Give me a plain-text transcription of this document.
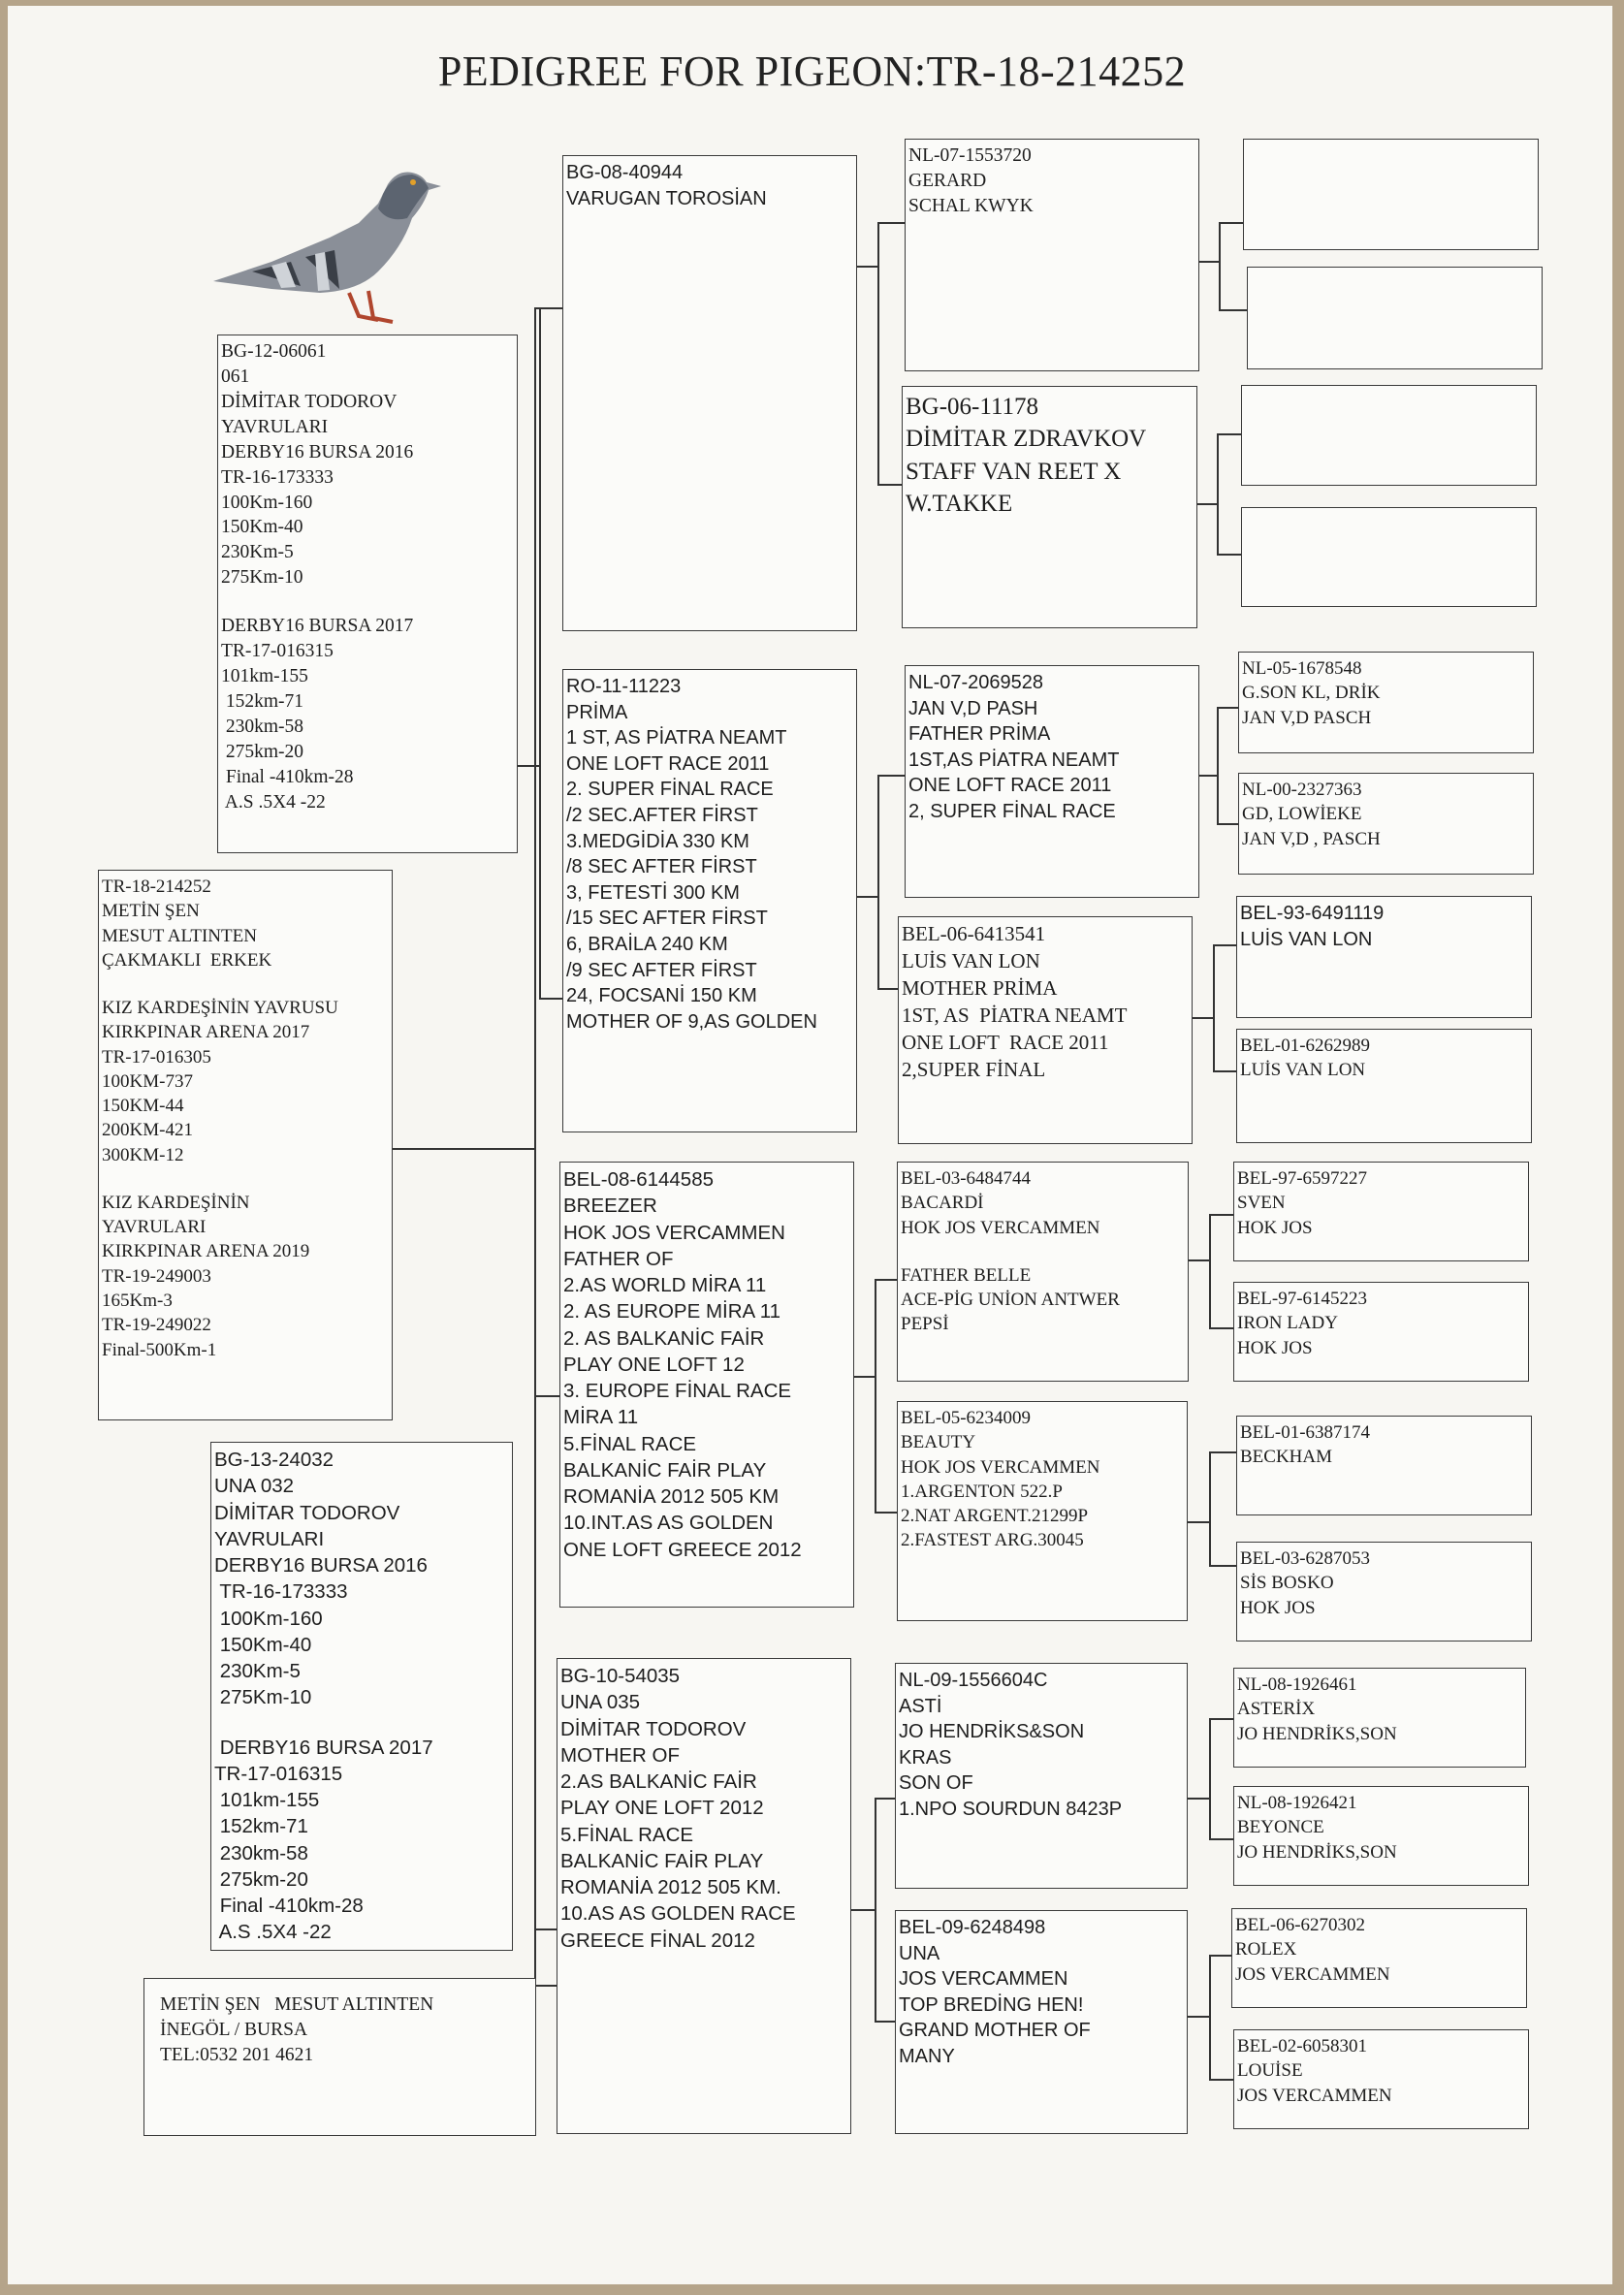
PEDIGREE FOR PIGEON:TR-18-214252
TR-18-214252
METİN ŞEN
MESUT ALTINTEN
ÇAKMAKLI  ERKEK
KIZ KARDEŞİNİN YAVRUSU
KIRKPINAR ARENA 2017
TR-17-016305
100KM-737
150KM-44
200KM-421
300KM-12
KIZ KARDEŞİNİN
YAVRULARI
KIRKPINAR ARENA 2019
TR-19-249003
165Km-3
TR-19-249022
Final-500Km-1
BG-12-06061
061
DİMİTAR TODOROV
YAVRULARI
DERBY16 BURSA 2016
TR-16-173333
100Km-160
150Km-40
230Km-5
275Km-10
DERBY16 BURSA 2017
TR-17-016315
101km-155
152km-71
230km-58
275km-20
Final -410km-28
A.S .5X4 -22
BG-13-24032
UNA 032
DİMİTAR TODOROV
YAVRULARI
DERBY16 BURSA 2016
TR-16-173333
100Km-160
150Km-40
230Km-5
275Km-10
DERBY16 BURSA 2017
TR-17-016315
101km-155
152km-71
230km-58
275km-20
Final -410km-28
A.S .5X4 -22
METİN ŞEN   MESUT ALTINTEN
İNEGÖL / BURSA
TEL:0532 201 4621
BG-08-40944
VARUGAN TOROSİAN
RO-11-11223
PRİMA
1 ST, AS PİATRA NEAMT
ONE LOFT RACE 2011
2. SUPER FİNAL RACE
/2 SEC.AFTER FİRST
3.MEDGİDİA 330 KM
/8 SEC AFTER FİRST
3, FETESTİ 300 KM
/15 SEC AFTER FİRST
6, BRAİLA 240 KM
/9 SEC AFTER FİRST
24, FOCSANİ 150 KM
MOTHER OF 9,AS GOLDEN
BEL-08-6144585
BREEZER
HOK JOS VERCAMMEN
FATHER OF
2.AS WORLD MİRA 11
2. AS EUROPE MİRA 11
2. AS BALKANİC FAİR
PLAY ONE LOFT 12
3. EUROPE FİNAL RACE
MİRA 11
5.FİNAL RACE
BALKANİC FAİR PLAY
ROMANİA 2012 505 KM
10.INT.AS AS GOLDEN
ONE LOFT GREECE 2012
BG-10-54035
UNA 035
DİMİTAR TODOROV
MOTHER OF
2.AS BALKANİC FAİR
PLAY ONE LOFT 2012
5.FİNAL RACE
BALKANİC FAİR PLAY
ROMANİA 2012 505 KM.
10.AS AS GOLDEN RACE
GREECE FİNAL 2012
NL-07-1553720
GERARD
SCHAL KWYK
BG-06-11178
DİMİTAR ZDRAVKOV
STAFF VAN REET X
W.TAKKE
NL-07-2069528
JAN V,D PASH
FATHER PRİMA
1ST,AS PİATRA NEAMT
ONE LOFT RACE 2011
2, SUPER FİNAL RACE
BEL-06-6413541
LUİS VAN LON
MOTHER PRİMA
1ST, AS  PİATRA NEAMT
ONE LOFT  RACE 2011
2,SUPER FİNAL
BEL-03-6484744
BACARDİ
HOK JOS VERCAMMEN
FATHER BELLE
ACE-PİG UNİON ANTWER
PEPSİ
BEL-05-6234009
BEAUTY
HOK JOS VERCAMMEN
1.ARGENTON 522.P
2.NAT ARGENT.21299P
2.FASTEST ARG.30045
NL-09-1556604C
ASTİ
JO HENDRİKS&SON
KRAS
SON OF
1.NPO SOURDUN 8423P
BEL-09-6248498
UNA
JOS VERCAMMEN
TOP BREDİNG HEN!
GRAND MOTHER OF
MANY
NL-05-1678548
G.SON KL, DRİK
JAN V,D PASCH
NL-00-2327363
GD, LOWİEKE
JAN V,D , PASCH
BEL-93-6491119
LUİS VAN LON
BEL-01-6262989
LUİS VAN LON
BEL-97-6597227
SVEN
HOK JOS
BEL-97-6145223
IRON LADY
HOK JOS
BEL-01-6387174
BECKHAM
BEL-03-6287053
SİS BOSKO
HOK JOS
NL-08-1926461
ASTERİX
JO HENDRİKS,SON
NL-08-1926421
BEYONCE
JO HENDRİKS,SON
BEL-06-6270302
ROLEX
JOS VERCAMMEN
BEL-02-6058301
LOUİSE
JOS VERCAMMEN
